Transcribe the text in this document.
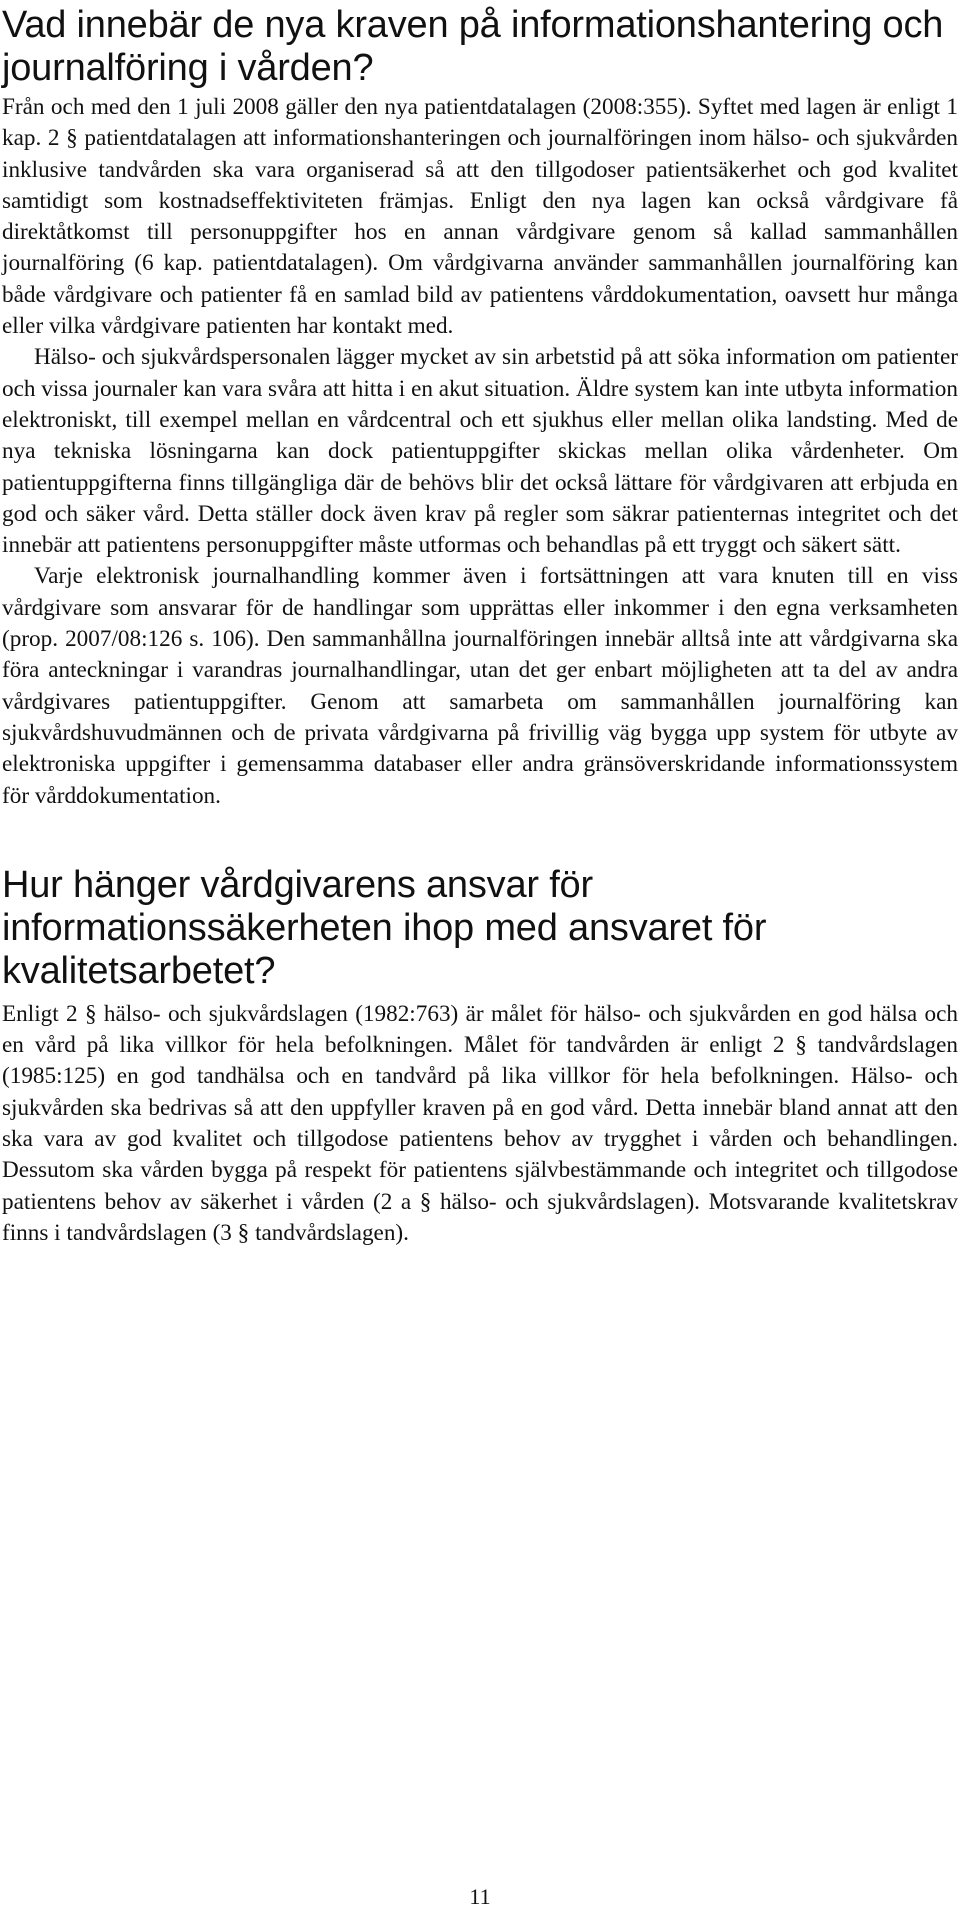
Vad innebär de nya kraven på informationshantering och journalföring i vården?

Från och med den 1 juli 2008 gäller den nya patientdatalagen (2008:355). Syftet med lagen är enligt 1 kap. 2 § patientdatalagen att informationshanteringen och journalföringen inom hälso- och sjukvården inklusive tandvården ska vara organiserad så att den tillgodoser patientsäkerhet och god kvalitet samtidigt som kostnadseffektiviteten främjas. Enligt den nya lagen kan också vårdgivare få direktåtkomst till personuppgifter hos en annan vårdgivare genom så kallad sammanhållen journalföring (6 kap. patientdatalagen). Om vårdgivarna använder sammanhållen journalföring kan både vårdgivare och patienter få en samlad bild av patientens vårddokumentation, oavsett hur många eller vilka vårdgivare patienten har kontakt med.

Hälso- och sjukvårdspersonalen lägger mycket av sin arbetstid på att söka information om patienter och vissa journaler kan vara svåra att hitta i en akut situation. Äldre system kan inte utbyta information elektroniskt, till exempel mellan en vårdcentral och ett sjukhus eller mellan olika landsting. Med de nya tekniska lösningarna kan dock patientuppgifter skickas mellan olika vårdenheter. Om patientuppgifterna finns tillgängliga där de behövs blir det också lättare för vårdgivaren att erbjuda en god och säker vård. Detta ställer dock även krav på regler som säkrar patienternas integritet och det innebär att patientens personuppgifter måste utformas och behandlas på ett tryggt och säkert sätt.

Varje elektronisk journalhandling kommer även i fortsättningen att vara knuten till en viss vårdgivare som ansvarar för de handlingar som upprättas eller inkommer i den egna verksamheten (prop. 2007/08:126 s. 106). Den sammanhållna journalföringen innebär alltså inte att vårdgivarna ska föra anteckningar i varandras journalhandlingar, utan det ger enbart möjligheten att ta del av andra vårdgivares patientuppgifter. Genom att samarbeta om sammanhållen journalföring kan sjukvårdshuvudmännen och de privata vårdgivarna på frivillig väg bygga upp system för utbyte av elektroniska uppgifter i gemensamma databaser eller andra gränsöverskridande informationssystem för vårddokumentation.

Hur hänger vårdgivarens ansvar för informationssäkerheten ihop med ansvaret för kvalitetsarbetet?

Enligt 2 § hälso- och sjukvårdslagen (1982:763) är målet för hälso- och sjukvården en god hälsa och en vård på lika villkor för hela befolkningen. Målet för tandvården är enligt 2 § tandvårdslagen (1985:125) en god tandhälsa och en tandvård på lika villkor för hela befolkningen. Hälso- och sjukvården ska bedrivas så att den uppfyller kraven på en god vård. Detta innebär bland annat att den ska vara av god kvalitet och tillgodose patientens behov av trygghet i vården och behandlingen. Dessutom ska vården bygga på respekt för patientens självbestämmande och integritet och tillgodose patientens behov av säkerhet i vården (2 a § hälso- och sjukvårdslagen). Motsvarande kvalitetskrav finns i tandvårdslagen (3 § tandvårdslagen).

11
